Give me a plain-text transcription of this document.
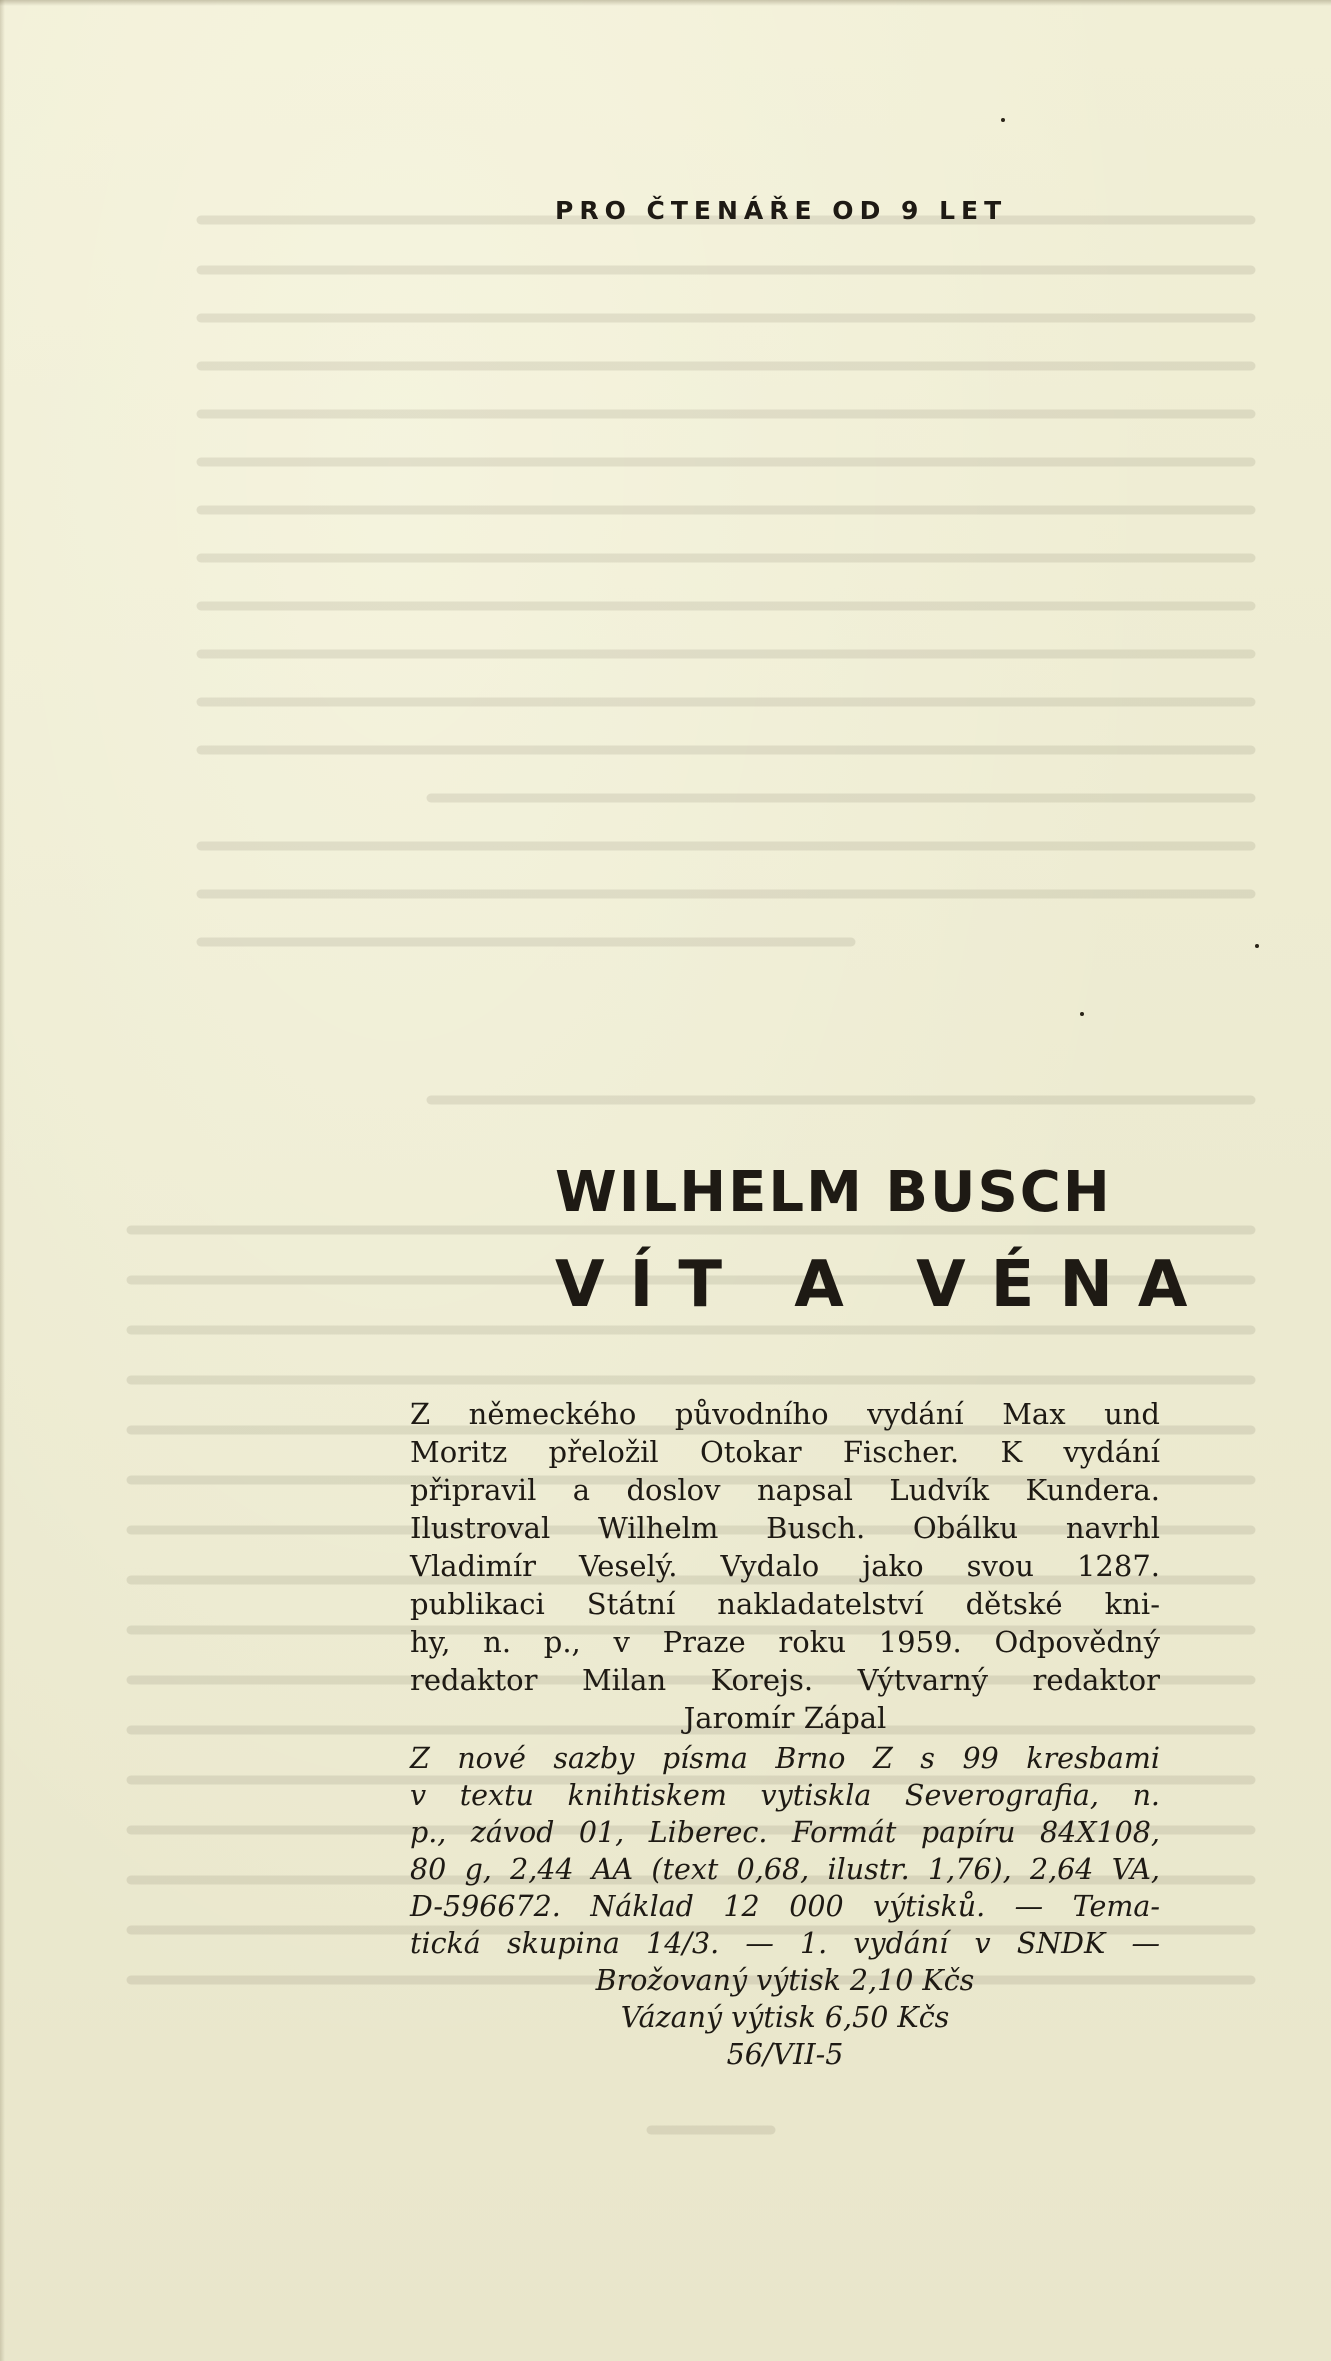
PRO ČTENÁŘE OD 9 LET
WILHELM BUSCH
VÍT A VÉNA
Z německého původního vydání Max und
Moritz přeložil Otokar Fischer. K vydání
připravil a doslov napsal Ludvík Kundera.
Ilustroval Wilhelm Busch. Obálku navrhl
Vladimír Veselý. Vydalo jako svou 1287.
publikaci Státní nakladatelství dětské kni-
hy, n. p., v Praze roku 1959. Odpovědný
redaktor Milan Korejs. Výtvarný redaktor
Jaromír Zápal
Z nové sazby písma Brno Z s 99 kresbami
v textu knihtiskem vytiskla Severografia, n.
p., závod 01, Liberec. Formát papíru 84X108,
80 g, 2,44 AA (text 0,68, ilustr. 1,76), 2,64 VA,
D-596672. Náklad 12 000 výtisků. — Tema-
tická skupina 14/3. — 1. vydání v SNDK —
Brožovaný výtisk 2,10 Kčs
Vázaný výtisk 6,50 Kčs
56/VII-5
